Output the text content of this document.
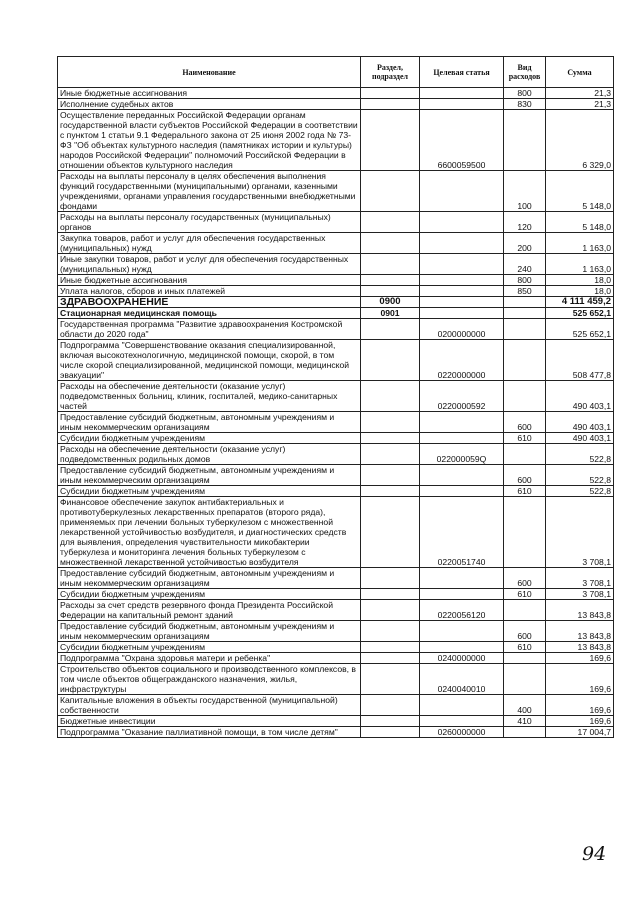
Наименование	Раздел, подраздел	Целевая статья	Вид расходов	Сумма
Иные бюджетные ассигнования			800	21,3
Исполнение судебных актов			830	21,3
Осуществление переданных Российской Федерации органам государственной власти субъектов Российской Федерации в соответствии с пунктом 1 статьи 9.1 Федерального закона от 25 июня 2002 года № 73-ФЗ "Об объектах культурного наследия (памятниках истории и культуры) народов Российской Федерации" полномочий Российской Федерации в отношении объектов культурного наследия		6600059500		6 329,0
Расходы на выплаты персоналу в целях обеспечения выполнения функций государственными (муниципальными) органами, казенными учреждениями, органами управления государственными внебюджетными фондами			100	5 148,0
Расходы на выплаты персоналу государственных (муниципальных) органов			120	5 148,0
Закупка товаров, работ и услуг для обеспечения государственных (муниципальных) нужд			200	1 163,0
Иные закупки товаров, работ и услуг для обеспечения государственных (муниципальных) нужд			240	1 163,0
Иные бюджетные ассигнования			800	18,0
Уплата налогов, сборов и иных платежей			850	18,0
ЗДРАВООХРАНЕНИЕ	0900			4 111 459,2
Стационарная медицинская помощь	0901			525 652,1
Государственная программа "Развитие здравоохранения Костромской области до 2020 года"		0200000000		525 652,1
Подпрограмма "Совершенствование оказания специализированной, включая высокотехнологичную, медицинской помощи, скорой, в том числе скорой специализированной, медицинской помощи, медицинской эвакуации"		0220000000		508 477,8
Расходы на обеспечение деятельности (оказание услуг) подведомственных больниц, клиник, госпиталей, медико-санитарных частей		0220000592		490 403,1
Предоставление субсидий бюджетным, автономным учреждениям и иным некоммерческим организациям			600	490 403,1
Субсидии бюджетным учреждениям			610	490 403,1
Расходы на обеспечение деятельности (оказание услуг) подведомственных родильных домов		022000059Q		522,8
Предоставление субсидий бюджетным, автономным учреждениям и иным некоммерческим организациям			600	522,8
Субсидии бюджетным учреждениям			610	522,8
Финансовое обеспечение закупок антибактериальных и противотуберкулезных лекарственных препаратов (второго ряда), применяемых при лечении больных туберкулезом с множественной лекарственной устойчивостью возбудителя, и диагностических средств для выявления, определения чувствительности микобактерии туберкулеза и мониторинга лечения больных туберкулезом с множественной лекарственной устойчивостью возбудителя		0220051740		3 708,1
Предоставление субсидий бюджетным, автономным учреждениям и иным некоммерческим организациям			600	3 708,1
Субсидии бюджетным учреждениям			610	3 708,1
Расходы за счет средств резервного фонда Президента Российской Федерации на капитальный ремонт зданий		0220056120		13 843,8
Предоставление субсидий бюджетным, автономным учреждениям и иным некоммерческим организациям			600	13 843,8
Субсидии бюджетным учреждениям			610	13 843,8
Подпрограмма "Охрана здоровья матери и ребенка"		0240000000		169,6
Строительство объектов социального и производственного комплексов, в том числе объектов общегражданского назначения, жилья, инфраструктуры		0240040010		169,6
Капитальные вложения в объекты государственной (муниципальной) собственности			400	169,6
Бюджетные инвестиции			410	169,6
Подпрограмма "Оказание паллиативной помощи, в том числе детям"		0260000000		17 004,7
94
